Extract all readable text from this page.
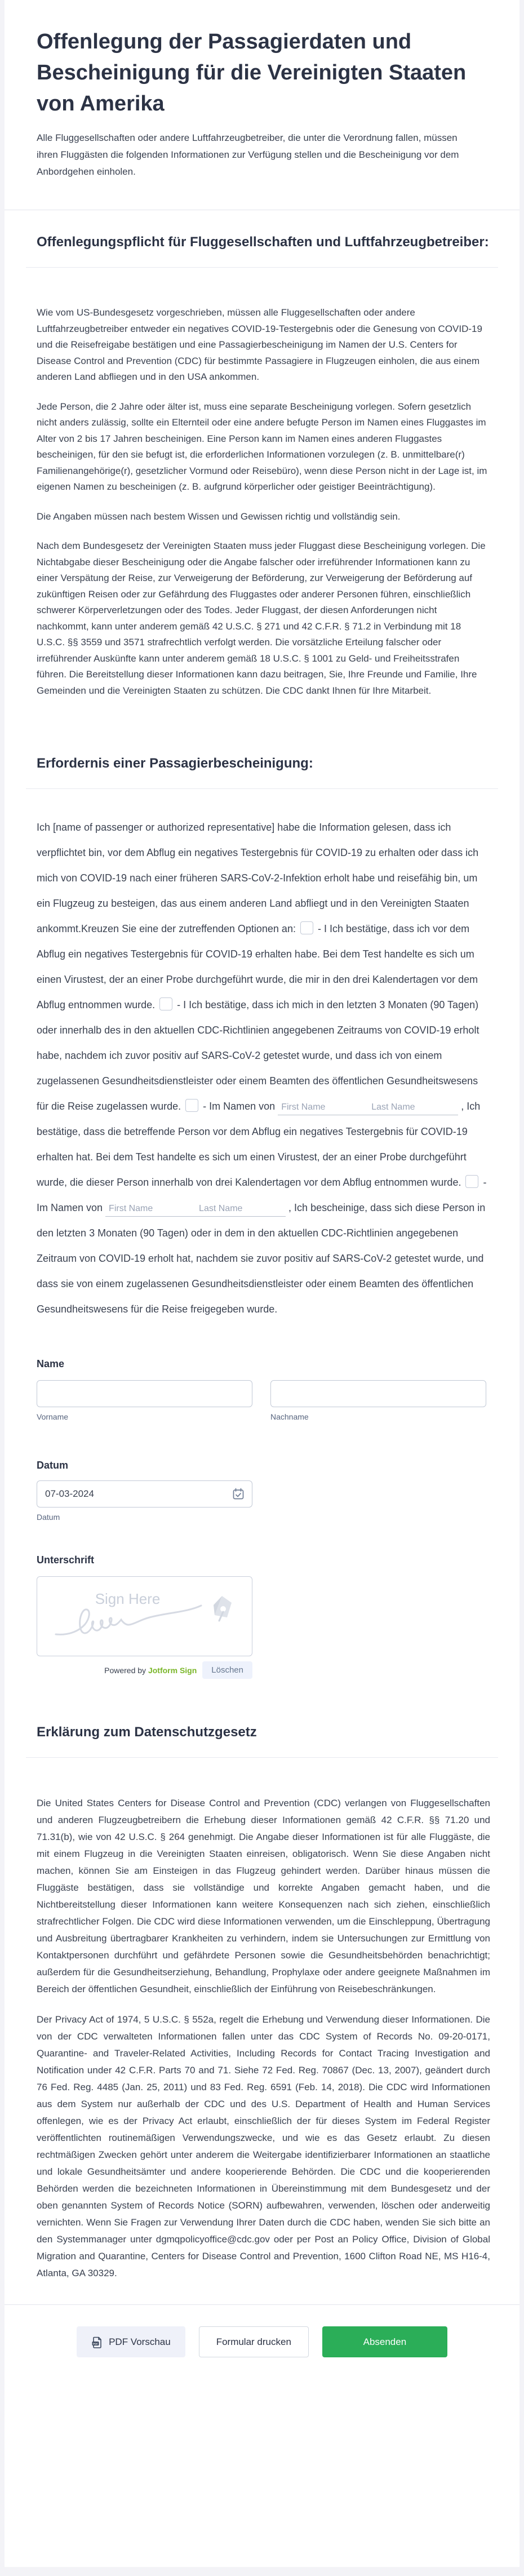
Offenlegung der Passagierdaten und Bescheinigung für die Vereinigten Staaten von Amerika

Alle Fluggesellschaften oder andere Luftfahrzeugbetreiber, die unter die Verordnung fallen, müssen ihren Fluggästen die folgenden Informationen zur Verfügung stellen und die Bescheinigung vor dem Anbordgehen einholen.

Offenlegungspflicht für Fluggesellschaften und Luftfahrzeugbetreiber:

Wie vom US-Bundesgesetz vorgeschrieben, müssen alle Fluggesellschaften oder andere Luftfahrzeugbetreiber entweder ein negatives COVID-19-Testergebnis oder die Genesung von COVID-19 und die Reisefreigabe bestätigen und eine Passagierbescheinigung im Namen der U.S. Centers for Disease Control and Prevention (CDC) für bestimmte Passagiere in Flugzeugen einholen, die aus einem anderen Land abfliegen und in den USA ankommen.

Jede Person, die 2 Jahre oder älter ist, muss eine separate Bescheinigung vorlegen. Sofern gesetzlich nicht anders zulässig, sollte ein Elternteil oder eine andere befugte Person im Namen eines Fluggastes im Alter von 2 bis 17 Jahren bescheinigen. Eine Person kann im Namen eines anderen Fluggastes bescheinigen, für den sie befugt ist, die erforderlichen Informationen vorzulegen (z. B. unmittelbare(r) Familienangehörige(r), gesetzlicher Vormund oder Reisebüro), wenn diese Person nicht in der Lage ist, im eigenen Namen zu bescheinigen (z. B. aufgrund körperlicher oder geistiger Beeinträchtigung).

Die Angaben müssen nach bestem Wissen und Gewissen richtig und vollständig sein.

Nach dem Bundesgesetz der Vereinigten Staaten muss jeder Fluggast diese Bescheinigung vorlegen. Die Nichtabgabe dieser Bescheinigung oder die Angabe falscher oder irreführender Informationen kann zu einer Verspätung der Reise, zur Verweigerung der Beförderung, zur Verweigerung der Beförderung auf zukünftigen Reisen oder zur Gefährdung des Fluggastes oder anderer Personen führen, einschließlich schwerer Körperverletzungen oder des Todes. Jeder Fluggast, der diesen Anforderungen nicht nachkommt, kann unter anderem gemäß 42 U.S.C. § 271 und 42 C.F.R. § 71.2 in Verbindung mit 18 U.S.C. §§ 3559 und 3571 strafrechtlich verfolgt werden. Die vorsätzliche Erteilung falscher oder irreführender Auskünfte kann unter anderem gemäß 18 U.S.C. § 1001 zu Geld- und Freiheitsstrafen führen. Die Bereitstellung dieser Informationen kann dazu beitragen, Sie, Ihre Freunde und Familie, Ihre Gemeinden und die Vereinigten Staaten zu schützen. Die CDC dankt Ihnen für Ihre Mitarbeit.

Erfordernis einer Passagierbescheinigung:
Ich [name of passenger or authorized representative] habe die Information gelesen, dass ich verpflichtet bin, vor dem Abflug ein negatives Testergebnis für COVID-19 zu erhalten oder dass ich mich von COVID-19 nach einer früheren SARS-CoV-2-Infektion erholt habe und reisefähig bin, um ein Flugzeug zu besteigen, das aus einem anderen Land abfliegt und in den Vereinigten Staaten ankommt.Kreuzen Sie eine der zutreffenden Optionen an:  - I Ich bestätige, dass ich vor dem Abflug ein negatives Testergebnis für COVID-19 erhalten habe. Bei dem Test handelte es sich um einen Virustest, der an einer Probe durchgeführt wurde, die mir in den drei Kalendertagen vor dem Abflug entnommen wurde.  - I Ich bestätige, dass ich mich in den letzten 3 Monaten (90 Tagen) oder innerhalb des in den aktuellen CDC-Richtlinien angegebenen Zeitraums von COVID-19 erholt habe, nachdem ich zuvor positiv auf SARS-CoV-2 getestet wurde, und dass ich von einem zugelassenen Gesundheitsdienstleister oder einem Beamten des öffentlichen Gesundheitswesens für die Reise zugelassen wurde.  - Im Namen von First Name	Last Name	, Ich bestätige, dass die betreffende Person vor dem Abflug ein negatives Testergebnis für COVID-19 erhalten hat. Bei dem Test handelte es sich um einen Virustest, der an einer Probe durchgeführt wurde, die dieser Person innerhalb von drei Kalendertagen vor dem Abflug entnommen wurde.  - Im Namen von First Name	Last Name	, Ich bescheinige, dass sich diese Person in den letzten 3 Monaten (90 Tagen) oder in dem in den aktuellen CDC-Richtlinien angegebenen Zeitraum von COVID-19 erholt hat, nachdem sie zuvor positiv auf SARS-CoV-2 getestet wurde, und dass sie von einem zugelassenen Gesundheitsdienstleister oder einem Beamten des öffentlichen Gesundheitswesens für die Reise freigegeben wurde.
Name
Vorname	Nachname
Datum
07-03-2024
Datum
Unterschrift
Sign Here
Powered by Jotform Sign	Löschen
Erklärung zum Datenschutzgesetz

Die United States Centers for Disease Control and Prevention (CDC) verlangen von Fluggesellschaften und anderen Flugzeugbetreibern die Erhebung dieser Informationen gemäß 42 C.F.R. §§ 71.20 und 71.31(b), wie von 42 U.S.C. § 264 genehmigt. Die Angabe dieser Informationen ist für alle Fluggäste, die mit einem Flugzeug in die Vereinigten Staaten einreisen, obligatorisch. Wenn Sie diese Angaben nicht machen, können Sie am Einsteigen in das Flugzeug gehindert werden. Darüber hinaus müssen die Fluggäste bestätigen, dass sie vollständige und korrekte Angaben gemacht haben, und die Nichtbereitstellung dieser Informationen kann weitere Konsequenzen nach sich ziehen, einschließlich strafrechtlicher Folgen. Die CDC wird diese Informationen verwenden, um die Einschleppung, Übertragung und Ausbreitung übertragbarer Krankheiten zu verhindern, indem sie Untersuchungen zur Ermittlung von Kontaktpersonen durchführt und gefährdete Personen sowie die Gesundheitsbehörden benachrichtigt; außerdem für die Gesundheitserziehung, Behandlung, Prophylaxe oder andere geeignete Maßnahmen im Bereich der öffentlichen Gesundheit, einschließlich der Einführung von Reisebeschränkungen.

Der Privacy Act of 1974, 5 U.S.C. § 552a, regelt die Erhebung und Verwendung dieser Informationen. Die von der CDC verwalteten Informationen fallen unter das CDC System of Records No. 09-20-0171, Quarantine- and Traveler-Related Activities, Including Records for Contact Tracing Investigation and Notification under 42 C.F.R. Parts 70 and 71. Siehe 72 Fed. Reg. 70867 (Dec. 13, 2007), geändert durch 76 Fed. Reg. 4485 (Jan. 25, 2011) und 83 Fed. Reg. 6591 (Feb. 14, 2018). Die CDC wird Informationen aus dem System nur außerhalb der CDC und des U.S. Department of Health and Human Services offenlegen, wie es der Privacy Act erlaubt, einschließlich der für dieses System im Federal Register veröffentlichten routinemäßigen Verwendungszwecke, und wie es das Gesetz erlaubt. Zu diesen rechtmäßigen Zwecken gehört unter anderem die Weitergabe identifizierbarer Informationen an staatliche und lokale Gesundheitsämter und andere kooperierende Behörden. Die CDC und die kooperierenden Behörden werden die bezeichneten Informationen in Übereinstimmung mit dem Bundesgesetz und der oben genannten System of Records Notice (SORN) aufbewahren, verwenden, löschen oder anderweitig vernichten. Wenn Sie Fragen zur Verwendung Ihrer Daten durch die CDC haben, wenden Sie sich bitte an den Systemmanager unter dgmqpolicyoffice@cdc.gov oder per Post an Policy Office, Division of Global Migration and Quarantine, Centers for Disease Control and Prevention, 1600 Clifton Road NE, MS H16-4, Atlanta, GA 30329.

PDF PDF Vorschau	Formular drucken	Absenden
